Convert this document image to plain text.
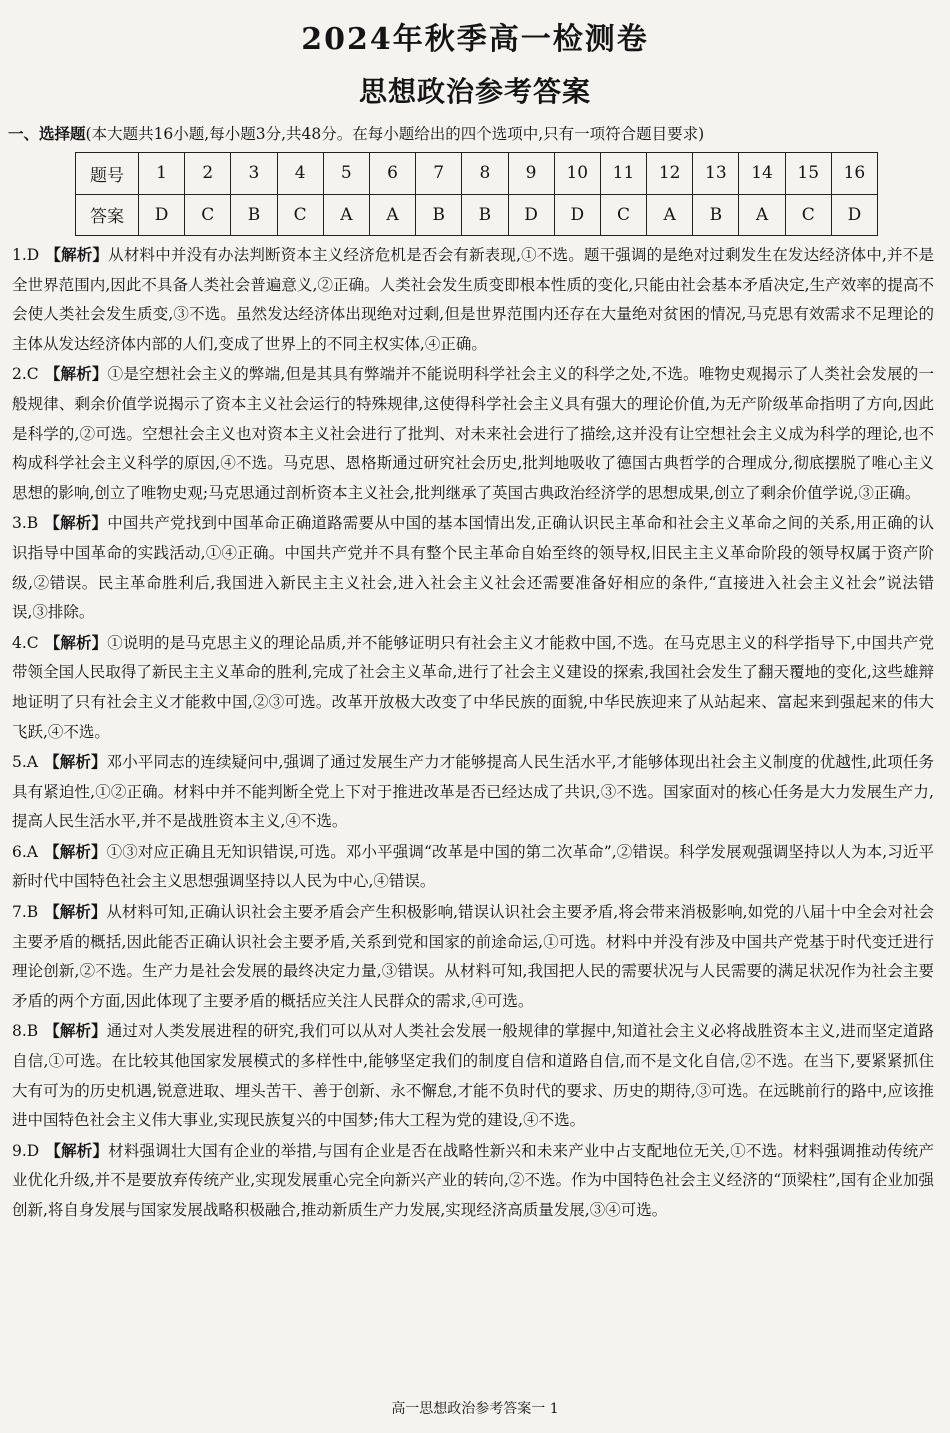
2024年秋季高一检测卷
思想政治参考答案
一、选择题(本大题共16小题,每小题3分,共48分。在每小题给出的四个选项中,只有一项符合题目要求)
题号	1	2	3	4	5	6	7	8	9	10	11	12	13	14	15	16
答案	D	C	B	C	A	A	B	B	D	D	C	A	B	A	C	D

1.D 【解析】从材料中并没有办法判断资本主义经济危机是否会有新表现,①不选。题干强调的是绝对过剩发生在发达经济体中,并不是全世界范围内,因此不具备人类社会普遍意义,②正确。人类社会发生质变即根本性质的变化,只能由社会基本矛盾决定,生产效率的提高不会使人类社会发生质变,③不选。虽然发达经济体出现绝对过剩,但是世界范围内还存在大量绝对贫困的情况,马克思有效需求不足理论的主体从发达经济体内部的人们,变成了世界上的不同主权实体,④正确。

2.C 【解析】①是空想社会主义的弊端,但是其具有弊端并不能说明科学社会主义的科学之处,不选。唯物史观揭示了人类社会发展的一般规律、剩余价值学说揭示了资本主义社会运行的特殊规律,这使得科学社会主义具有强大的理论价值,为无产阶级革命指明了方向,因此是科学的,②可选。空想社会主义也对资本主义社会进行了批判、对未来社会进行了描绘,这并没有让空想社会主义成为科学的理论,也不构成科学社会主义科学的原因,④不选。马克思、恩格斯通过研究社会历史,批判地吸收了德国古典哲学的合理成分,彻底摆脱了唯心主义思想的影响,创立了唯物史观;马克思通过剖析资本主义社会,批判继承了英国古典政治经济学的思想成果,创立了剩余价值学说,③正确。

3.B 【解析】中国共产党找到中国革命正确道路需要从中国的基本国情出发,正确认识民主革命和社会主义革命之间的关系,用正确的认识指导中国革命的实践活动,①④正确。中国共产党并不具有整个民主革命自始至终的领导权,旧民主主义革命阶段的领导权属于资产阶级,②错误。民主革命胜利后,我国进入新民主主义社会,进入社会主义社会还需要准备好相应的条件,“直接进入社会主义社会”说法错误,③排除。

4.C 【解析】①说明的是马克思主义的理论品质,并不能够证明只有社会主义才能救中国,不选。在马克思主义的科学指导下,中国共产党带领全国人民取得了新民主主义革命的胜利,完成了社会主义革命,进行了社会主义建设的探索,我国社会发生了翻天覆地的变化,这些雄辩地证明了只有社会主义才能救中国,②③可选。改革开放极大改变了中华民族的面貌,中华民族迎来了从站起来、富起来到强起来的伟大飞跃,④不选。

5.A 【解析】邓小平同志的连续疑问中,强调了通过发展生产力才能够提高人民生活水平,才能够体现出社会主义制度的优越性,此项任务具有紧迫性,①②正确。材料中并不能判断全党上下对于推进改革是否已经达成了共识,③不选。国家面对的核心任务是大力发展生产力,提高人民生活水平,并不是战胜资本主义,④不选。

6.A 【解析】①③对应正确且无知识错误,可选。邓小平强调“改革是中国的第二次革命”,②错误。科学发展观强调坚持以人为本,习近平新时代中国特色社会主义思想强调坚持以人民为中心,④错误。

7.B 【解析】从材料可知,正确认识社会主要矛盾会产生积极影响,错误认识社会主要矛盾,将会带来消极影响,如党的八届十中全会对社会主要矛盾的概括,因此能否正确认识社会主要矛盾,关系到党和国家的前途命运,①可选。材料中并没有涉及中国共产党基于时代变迁进行理论创新,②不选。生产力是社会发展的最终决定力量,③错误。从材料可知,我国把人民的需要状况与人民需要的满足状况作为社会主要矛盾的两个方面,因此体现了主要矛盾的概括应关注人民群众的需求,④可选。

8.B 【解析】通过对人类发展进程的研究,我们可以从对人类社会发展一般规律的掌握中,知道社会主义必将战胜资本主义,进而坚定道路自信,①可选。在比较其他国家发展模式的多样性中,能够坚定我们的制度自信和道路自信,而不是文化自信,②不选。在当下,要紧紧抓住大有可为的历史机遇,锐意进取、埋头苦干、善于创新、永不懈怠,才能不负时代的要求、历史的期待,③可选。在远眺前行的路中,应该推进中国特色社会主义伟大事业,实现民族复兴的中国梦;伟大工程为党的建设,④不选。

9.D 【解析】材料强调壮大国有企业的举措,与国有企业是否在战略性新兴和未来产业中占支配地位无关,①不选。材料强调推动传统产业优化升级,并不是要放弃传统产业,实现发展重心完全向新兴产业的转向,②不选。作为中国特色社会主义经济的“顶梁柱”,国有企业加强创新,将自身发展与国家发展战略积极融合,推动新质生产力发展,实现经济高质量发展,③④可选。

高一思想政治参考答案一 1
